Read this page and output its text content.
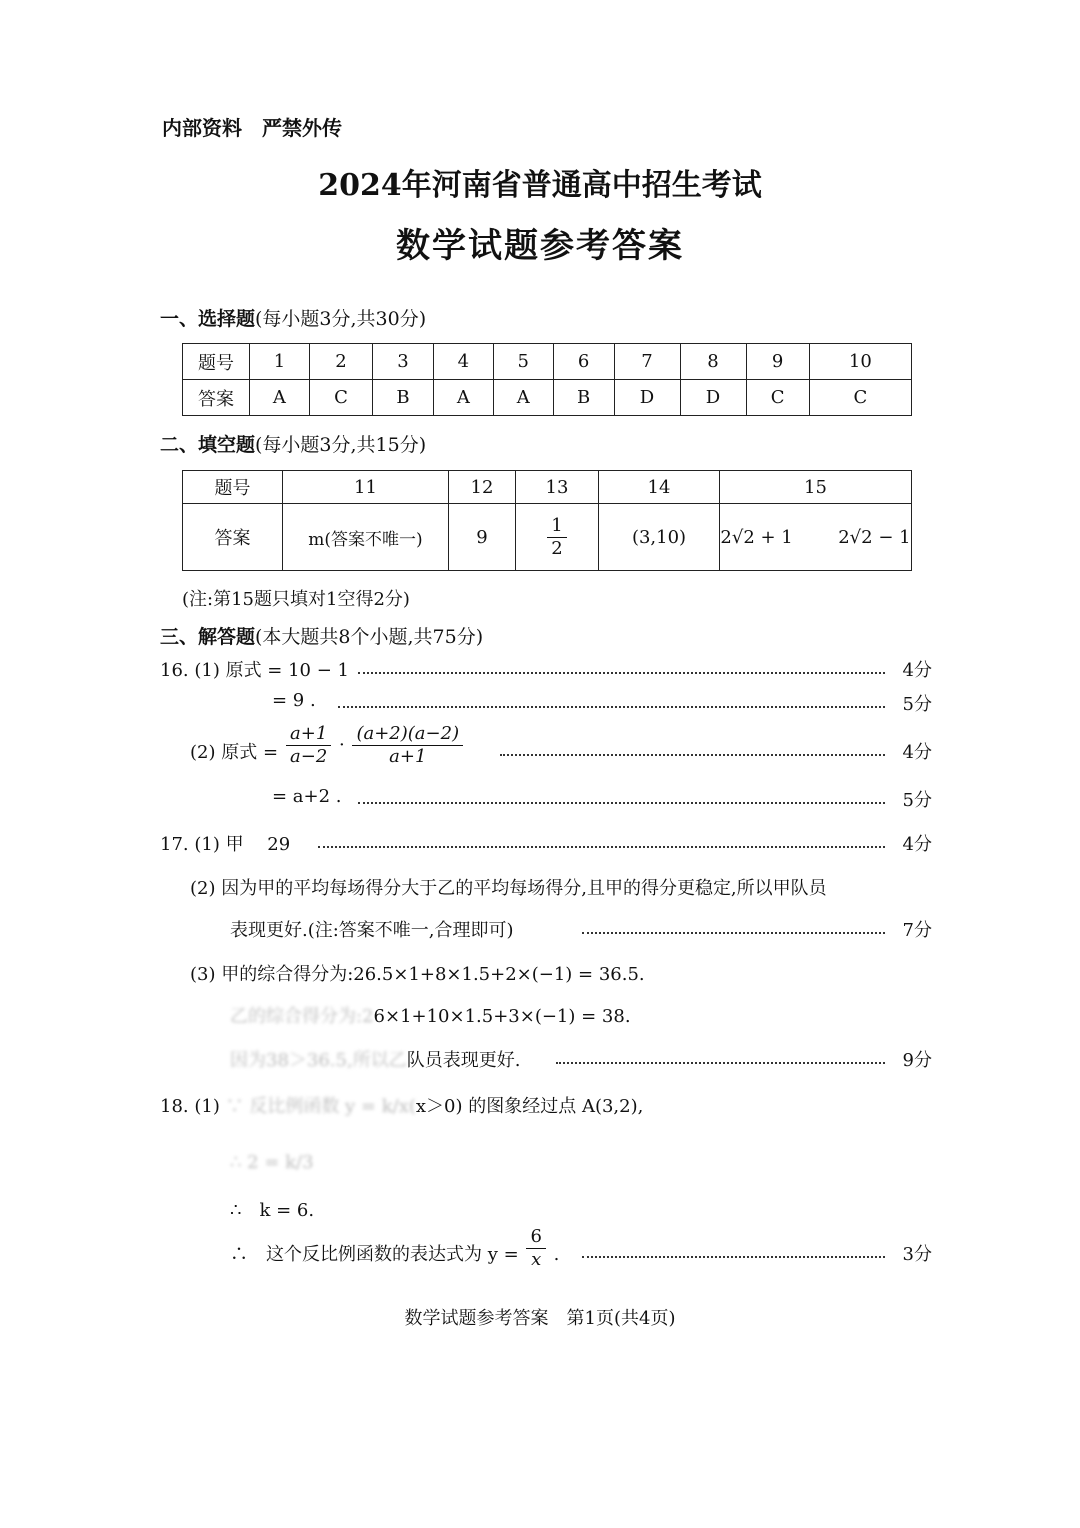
内部资料　严禁外传
2024年河南省普通高中招生考试
数学试题参考答案
一、选择题(每小题3分,共30分)
题号	1	2	3	4	5	6	7	8	9	10
答案	A	C	B	A	A	B	D	D	C	C
二、填空题(每小题3分,共15分)
题号	11	12	13	14	15
答案	m(答案不唯一)	9	$\frac{1}{2}$	(3,10)	2√2 + 1 2√2 − 1
(注:第15题只填对1空得2分)
三、解答题(本大题共8个小题,共75分)
16. (1) 原式 = 10 − 1	4分
= 9 .	5分
(2) 原式 = $\frac{a+1}{a-2} \cdot \frac{(a+2)(a-2)}{a+1}$	4分
= a+2 .	5分
17. (1) 甲　 29	4分
(2) 因为甲的平均每场得分大于乙的平均每场得分,且甲的得分更稳定,所以甲队员
表现更好.(注:答案不唯一,合理即可)	7分
(3) 甲的综合得分为:26.5×1+8×1.5+2×(−1) = 36.5.
乙的综合得分为:26×1+10×1.5+3×(−1) = 38.
因为38＞36.5,所以乙队员表现更好.	9分
18. (1) ∵ 反比例函数 y = k/x(x＞0) 的图象经过点 A(3,2),
∴ 2 = k/3
∴　k = 6.
∴　这个反比例函数的表达式为 $y = \frac{6}{x}$ .	3分
数学试题参考答案　第1页(共4页)
